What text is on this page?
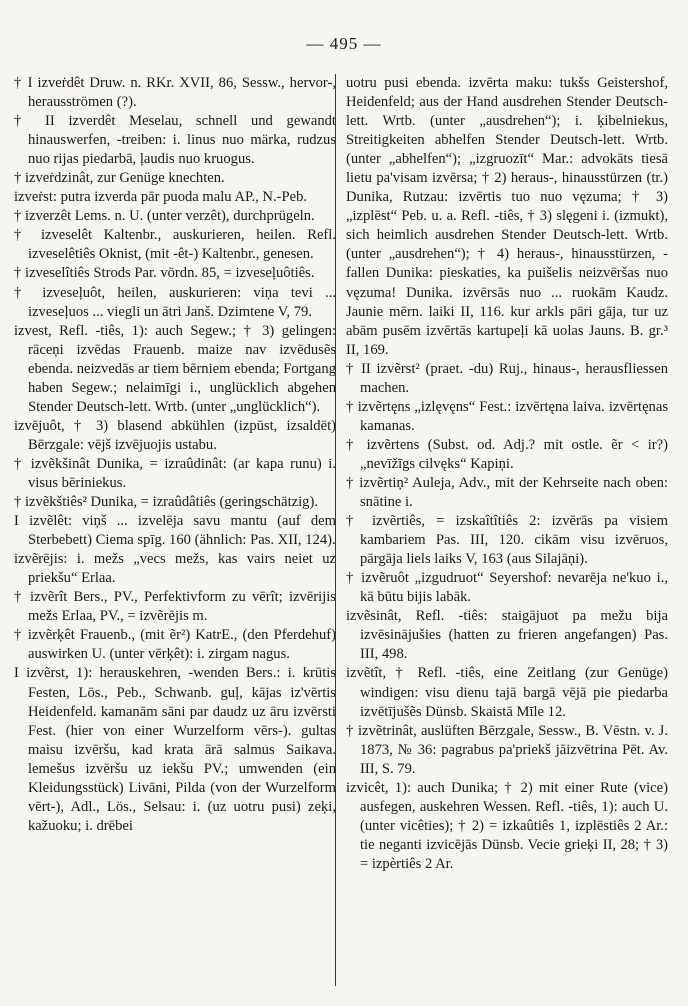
— 495 —

† I izveṙdêt Druw. n. RKr. XVII, 86, Sessw., hervor-, herausströmen (?).

† II izverdêt Meselau, schnell und gewandt hinauswerfen, -treiben: i. linus nuo märka, rudzus nuo rijas piedarbā, ļaudis nuo kruogus.

† izveṙdzinât, zur Genüge knechten.

izveṙst: putra izverda pār puoda malu AP., N.-Peb.

† izverzêt Lems. n. U. (unter verzêt), durchprügeln.

† izveselêt Kaltenbr., auskurieren, heilen. Refl. izveselêtiês Oknist, (mit -êt-) Kaltenbr., genesen.

† izveselîtiês Strods Par. vōrdn. 85, = izveseļuôtiês.

† izveseļuôt, heilen, auskurieren: viņa tevi ... izveseļuos ... viegli un ātri Janš. Dzimtene V, 79.

izvest, Refl. -tiês, 1): auch Segew.; † 3) gelingen: rāceņi izvēdas Frauenb. maize nav izvēdusẽs ebenda. neizvedās ar tiem bērniem ebenda; Fortgang haben Segew.; nelaimīgi i., unglücklich abgehen Stender Deutsch-lett. Wrtb. (unter „unglücklich“).

izvējuôt, † 3) blasend abkühlen (izpūst, izsaldēt) Bērzgale: vējš izvējuojis ustabu.

† izvẽkšinât Dunika, = izraûdinât: (ar kapa runu) i. visus bēriniekus.

† izvẽkštiês² Dunika, = izraûdâtiês (geringschätzig).

I izvẽlêt: viņš ... izvelēja savu mantu (auf dem Sterbebett) Ciema spīg. 160 (ähnlich: Pas. XII, 124).

izvẽrējis: i. mežs „vecs mežs, kas vairs neiet uz priekšu“ Erlaa.

† izvẽrît Bers., PV., Perfektivform zu vērît; izvērijis mežs Erlaa, PV., = izvẽrējis m.

† izvẽrķêt Frauenb., (mit ẽr²) KatrE., (den Pferdehuf) auswirken U. (unter vērķêt): i. zirgam nagus.

I izvẽrst, 1): herauskehren, -wenden Bers.: i. krūtis Festen, Lös., Peb., Schwanb. guļ, kājas iz'vērtis Heidenfeld. kamanām sāni par daudz uz āru izvērsti Fest. (hier von einer Wurzelform vērs-). gultas maisu izvēršu, kad krata ārā salmus Saikava. lemešus izvēršu uz iekšu PV.; umwenden (ein Kleidungsstück) Livāni, Pilda (von der Wurzelform vērt-), Adl., Lös., Selsau: i. (uz uotru pusi) zeķi, kažuoku; i. drēbei

uotru pusi ebenda. izvērta maku: tukšs Geistershof, Heidenfeld; aus der Hand ausdrehen Stender Deutsch-lett. Wrtb. (unter „ausdrehen“); i. ķibelniekus, Streitigkeiten abhelfen Stender Deutsch-lett. Wrtb. (unter „abhelfen“); „izgruozīt“ Mar.: advokāts tiesā lietu pa'visam izvērsa; † 2) heraus-, hinausstürzen (tr.) Dunika, Rutzau: izvērtis tuo nuo vęzuma; † 3) „izplēst“ Peb. u. a. Refl. -tiês, † 3) slęgeni i. (izmukt), sich heimlich ausdrehen Stender Deutsch-lett. Wrtb. (unter „ausdrehen“); † 4) heraus-, hinausstürzen, -fallen Dunika: pieskaties, ka puišelis neizvēršas nuo vęzuma! Dunika. izvērsās nuo ... ruokām Kaudz. Jaunie mērn. laiki II, 116. kur arkls pāri gāja, tur uz abām pusēm izvērtās kartupeļi kā uolas Jauns. B. gr.³ II, 169.

† II izvẽrst² (praet. -du) Ruj., hinaus-, herausfliessen machen.

† izvẽrtęns „izlęvęns“ Fest.: izvērtęna laiva. izvērtęnas kamanas.

† izvẽrtens (Subst. od. Adj.? mit ostle. ẽr < ir?) „nevīžīgs cilvęks“ Kapiņi.

† izvẽrtiņ² Auleja, Adv., mit der Kehrseite nach oben: snātine i.

† izvẽrtiês, = izskaîtîtiês 2: izvērās pa visiem kambariem Pas. III, 120. cikām visu izvēruos, pārgāja liels laiks V, 163 (aus Silajāņi).

† izvẽruôt „izgudruot“ Seyershof: nevarēja ne'kuo i., kā būtu bijis labāk.

izvẽsinât, Refl. -tiês: staigājuot pa mežu bija izvēsinājušies (hatten zu frieren angefangen) Pas. III, 498.

izvẽtît, † Refl. -tiês, eine Zeitlang (zur Genüge) windigen: visu dienu tajā bargā vējā pie piedarba izvētījušẽs Dünsb. Skaistā Mīle 12.

† izvẽtrinât, auslüften Bērzgale, Sessw., B. Vēstn. v. J. 1873, № 36: pagrabus pa'priekš jāizvētrina Pēt. Av. III, S. 79.

izvicêt, 1): auch Dunika; † 2) mit einer Rute (vice) ausfegen, auskehren Wessen. Refl. -tiês, 1): auch U. (unter vicêties); † 2) = izkaûtiês 1, izplēstiês 2 Ar.: tie neganti izvicējās Dünsb. Vecie grieķi II, 28; † 3) = izpèrtiês 2 Ar.
